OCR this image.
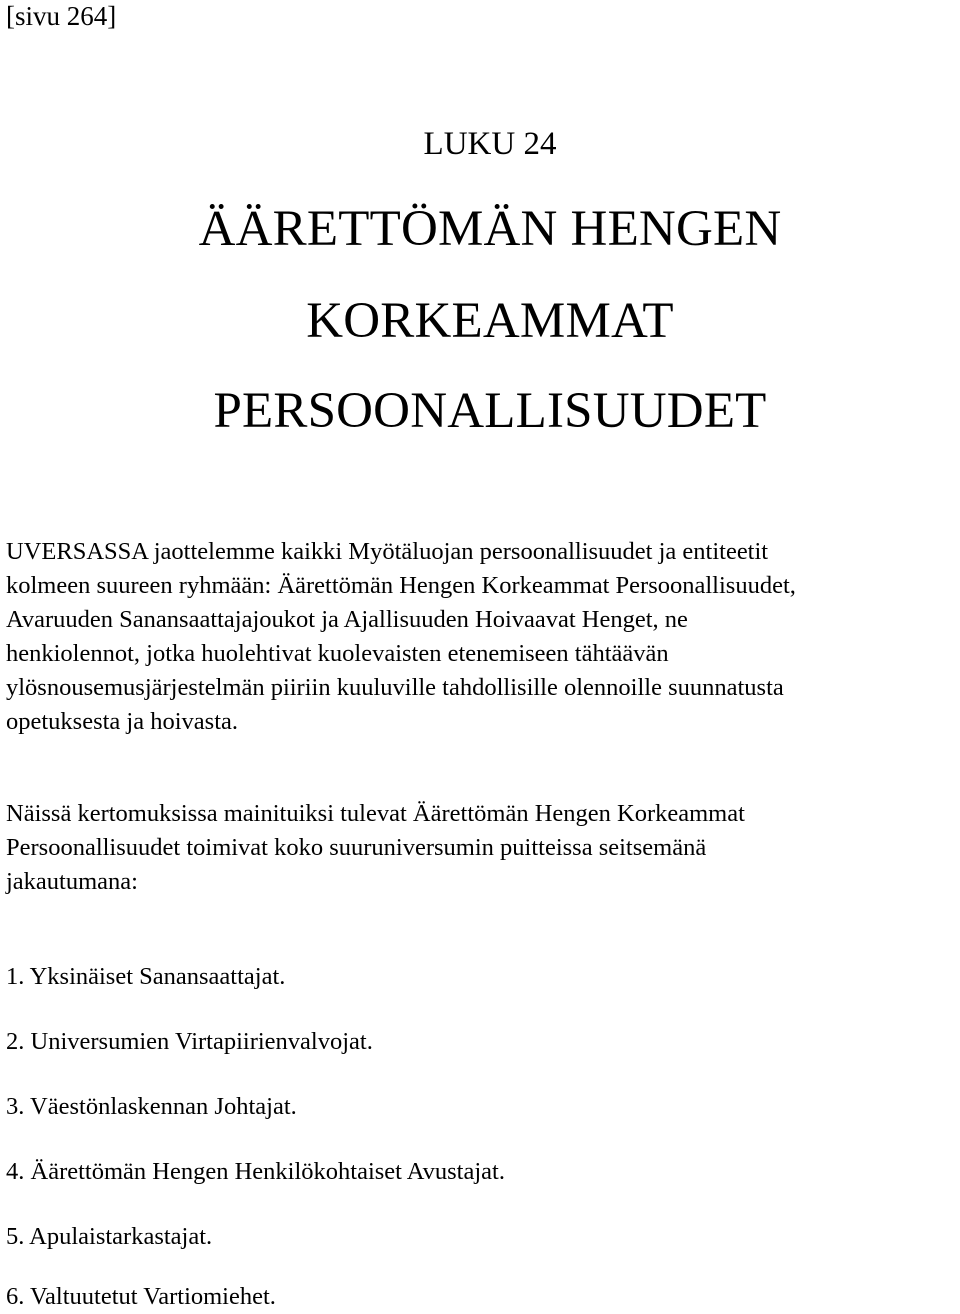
[sivu 264]
LUKU 24
ÄÄRETTÖMÄN HENGEN
KORKEAMMAT
PERSOONALLISUUDET
UVERSASSA jaottelemme kaikki Myötäluojan persoonallisuudet ja entiteetit
kolmeen suureen ryhmään: Äärettömän Hengen Korkeammat Persoonallisuudet,
Avaruuden Sanansaattajajoukot ja Ajallisuuden Hoivaavat Henget, ne
henkiolennot, jotka huolehtivat kuolevaisten etenemiseen tähtäävän
ylösnousemusjärjestelmän piiriin kuuluville tahdollisille olennoille suunnatusta
opetuksesta ja hoivasta.
Näissä kertomuksissa mainituiksi tulevat Äärettömän Hengen Korkeammat
Persoonallisuudet toimivat koko suuruniversumin puitteissa seitsemänä
jakautumana:
1. Yksinäiset Sanansaattajat.
2. Universumien Virtapiirienvalvojat.
3. Väestönlaskennan Johtajat.
4. Äärettömän Hengen Henkilökohtaiset Avustajat.
5. Apulaistarkastajat.
6. Valtuutetut Vartiomiehet.
